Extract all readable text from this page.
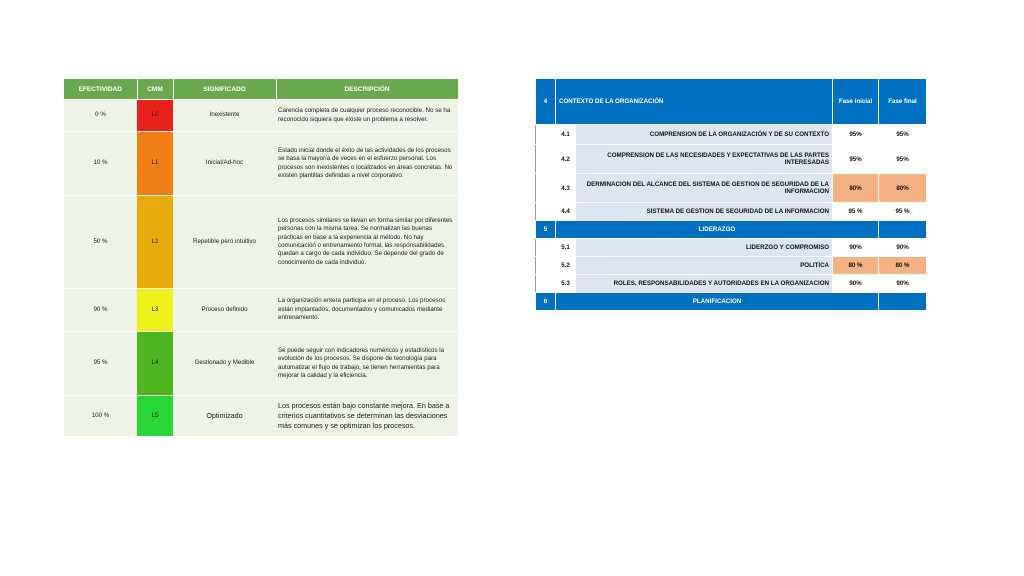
EFECTIVIDAD	CMM	SIGNIFICADO	DESCRIPCIÓN
0 %	L0	Inexistente	Carencia completa de cualquier proceso reconocible. No se ha reconocido siquiera que existe un problema a resolver.
10 %	L1	Inicial/Ad-hoc	Estado inicial donde el éxito de las actividades de los procesos se basa la mayoría de veces en el esfuerzo personal. Los procesos son inexistentes o localizados en áreas concretas. No existen plantillas definidas a nivel corporativo.
50 %	L2	Repetible pero intuitivo	Los procesos similares se llevan en forma similar por diferentes personas con la misma tarea. Se normalizan las buenas prácticas en base a la experiencia al método. No hay comunicación o entrenamiento formal, las responsabilidades quedan a cargo de cada individuo. Se depende del grado de conocimiento de cada individuo.
90 %	L3	Proceso definido	La organización entera participa en el proceso. Los procesos están implantados, documentados y comunicados mediante entrenamiento.
95 %	L4	Gestionado y Medible	Se puede seguir con indicadores numéricos y estadísticos la evolución de los procesos. Se dispone de tecnología para automatizar el flujo de trabajo, se tienen herramientas para mejorar la calidad y la eficiencia.
100 %	L5	Optimizado	Los procesos están bajo constante mejora. En base a criterios cuantitativos se determinan las desviaciones más comunes y se optimizan los procesos.
4	CONTEXTO DE LA ORGANIZACIÓN		Fase inicial	Fase final
	4.1	COMPRENSION DE LA ORGANIZACIÓN Y DE SU CONTEXTO	95%	95%
	4.2	COMPRENSION DE LAS NECESIDADES Y EXPECTATIVAS DE LAS PARTES INTERESADAS	95%	95%
	4.3	DERMINACION DEL ALCANCE DEL SISTEMA DE GESTION DE SEGURIDAD DE LA INFORMACION	80%	80%
	4.4	SISTEMA DE GESTION DE SEGURIDAD DE LA INFORMACION	95 %	95 %
5	LIDERAZGO			
	5.1	LIDERZGO Y COMPROMISO	90%	90%
	5.2	POLITICA	80 %	80 %
	5.3	ROLES, RESPONSABILIDADES Y AUTORIDADES EN LA ORGANIZACION	90%	90%
6	PLANIFICACION			
